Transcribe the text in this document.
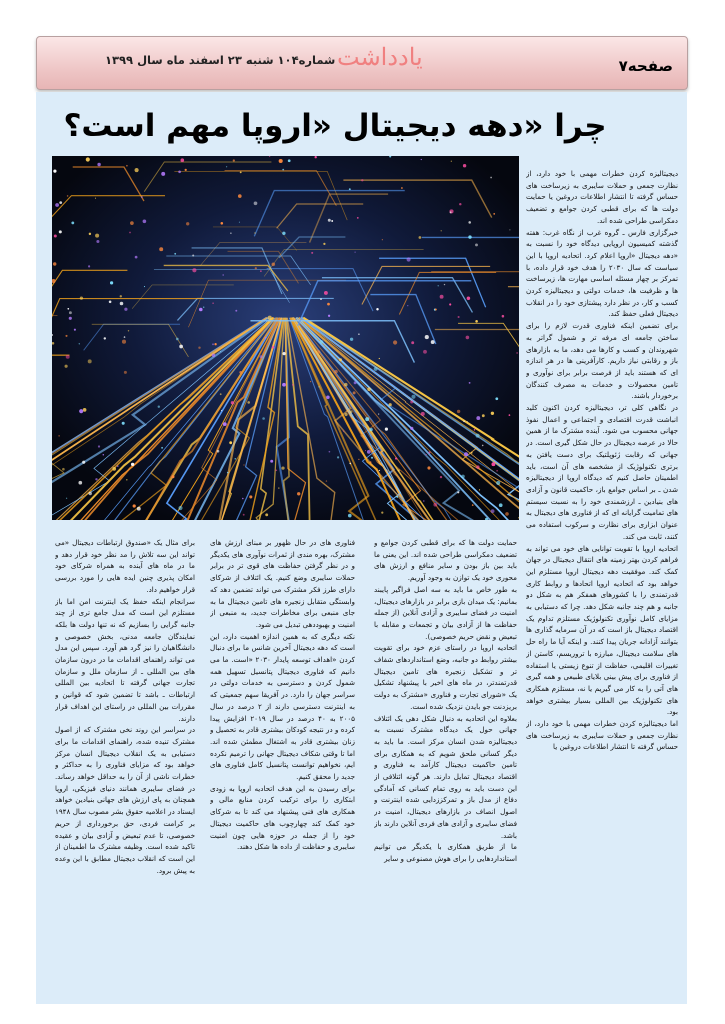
صفحه۷
یادداشت
شماره۱۰۴ شنبه ۲۳ اسفند ماه سال ۱۳۹۹
چرا «دهه دیجیتال «اروپا مهم است؟

دیجیتالیزه کردن خطرات مهمی با خود دارد، از نظارت جمعی و حملات سایبری به زیرساخت های حساس گرفته تا انتشار اطلاعات دروغین یا حمایت دولت ها که برای قطبی کردن جوامع و تضعیف دمکراسی طراحی شده اند.

خبرگزاری فارس ـ گروه غرب از نگاه غرب: هفته گذشته کمیسیون اروپایی دیدگاه خود را نسبت به «دهه دیجیتال «اروپا اعلام کرد. اتحادیه اروپا با این سیاست که سال ۲۰۳۰ را هدف خود قرار داده، با تمرکز بر چهار مسئله اساسی مهارت ها، زیرساخت ها و ظرفیت ها، خدمات دولتی و دیجیتالیزه کردن کسب و کار، در نظر دارد پیشتازی خود را در انقلاب دیجیتال فعلی حفظ کند.

برای تضمین اینکه فناوری قدرت لازم را برای ساختن جامعه ای مرفه تر و شمول گراتر به شهروندان و کسب و کارها می دهد، ما به بازارهای باز و رقابتی نیاز داریم. کارآفرینی ها در هر اندازه ای که هستند باید از فرصت برابر برای نوآوری و تامین محصولات و خدمات به مصرف کنندگان برخوردار باشند.

در نگاهی کلی تر، دیجیتالیزه کردن اکنون کلید انباشت قدرت اقتصادی و اجتماعی و اعمال نفوذ جهانی محسوب می شود. آینده مشترک ما از همین حالا در عرصه دیجیتال در حال شکل گیری است. در جهانی که رقابت ژئوپلتیک برای دست یافتن به برتری تکنولوژیک از مشخصه های آن است، باید اطمینان حاصل کنیم که دیدگاه اروپا از دیجیتالیزه شدن ـ بر اساس جوامع باز، حاکمیت قانون و آزادی های بنیادین ـ ارزشمندی خود را به نسبت سیستم های تمامیت گرایانه ای که از فناوری های دیجیتال به عنوان ابزاری برای نظارت و سرکوب استفاده می کنند، ثابت می کند.

اتحادیه اروپا با تقویت توانایی های خود می تواند به فراهم کردن بهتر زمینه های انتقال دیجیتال در جهان کمک کند. موفقیت دهه دیجیتال اروپا مستلزم این خواهد بود که اتحادیه اروپا اتحادها و روابط کاری قدرتمندی را با کشورهای همفکر هم به شکل دو جانبه و هم چند جانبه شکل دهد. چرا که دستیابی به مزایای کامل نوآوری تکنولوژیک مستلزم تداوم یک اقتصاد دیجیتال باز است که در آن سرمایه گذاری ها بتوانند آزادانه جریان پیدا کنند. و اینکه آیا ما راه حل های سلامت دیجیتال، مبارزه با تروریسم، کاستن از تغییرات اقلیمی، حفاظت از تنوع زیستی یا استفاده از فناوری برای پیش بینی بلایای طبیعی و همه گیری های آتی را به کار می گیریم یا نه، مستلزم همکاری های تکنولوژیک بین المللی بسیار بیشتری خواهد بود.

اما دیجیتالیزه کردن خطرات مهمی با خود دارد، از نظارت جمعی و حملات سایبری به زیرساخت های حساس گرفته تا انتشار اطلاعات دروغین یا

حمایت دولت ها که برای قطبی کردن جوامع و تضعیف دمکراسی طراحی شده اند. این یعنی ما باید بین باز بودن و سایر منافع و ارزش های محوری خود یک توازن به وجود آوریم.

به طور خاص ما باید به سه اصل فراگیر پایبند بمانیم: یک میدان بازی برابر در بازارهای دیجیتال، امنیت در فضای سایبری و آزادی آنلاین (از جمله حفاظت ها از آزادی بیان و تجمعات و مقابله با تبعیض و نقض حریم خصوصی).

اتحادیه اروپا در راستای عزم خود برای تقویت بیشتر روابط دو جانبه، وضع استانداردهای شفاف تر و تشکیل زنجیره های تامین دیجیتال قدرتمندتر، در ماه های اخیر با پیشنهاد تشکیل یک «شورای تجارت و فناوری «مشترک به دولت بریزدنت جو بایدن نزدیک شده است.

بعلاوه این اتحادیه به دنبال شکل دهی یک ائتلاف جهانی حول یک دیدگاه مشترک نسبت به دیجیتالیزه شدن انسان مرکز است. ما باید به دیگر کسانی ملحق شویم که به همکاری برای تامین حاکمیت دیجیتال کارآمد به فناوری و اقتصاد دیجیتال تمایل دارند. هر گونه ائتلافی از این دست باید به روی تمام کسانی که آمادگی دفاع از مدل باز و تمرکززدایی شده اینترنت و اصول انصاف در بازارهای دیجیتال، امنیت در فضای سایبری و آزادی های فردی آنلاین دارند باز باشد.

ما از طریق همکاری با یکدیگر می توانیم استانداردهایی را برای هوش مصنوعی و سایر

فناوری های در حال ظهور بر مبنای ارزش های مشترک، بهره مندی از ثمرات نوآوری های یکدیگر و در نظر گرفتن حفاظت های قوی تر در برابر حملات سایبری وضع کنیم. یک ائتلاف از شرکای دارای طرز فکر مشترک می تواند تضمین دهد که وابستگی متقابل زنجیره های تامین دیجیتال ما به جای منبعی برای مخاطرات جدید، به منبعی از امنیت و بهبوددهی تبدیل می شود.

نکته دیگری که به همین اندازه اهمیت دارد، این است که دهه دیجیتال آخرین شانس ما برای دنبال کردن «اهداف توسعه پایدار ۲۰۳۰ «است. ما می دانیم که فناوری دیجیتال پتانسیل تسهیل همه شمول کردن و دسترسی به خدمات دولتی در سراسر جهان را دارد. در آفریقا سهم جمعیتی که به اینترنت دسترسی دارند از ۲ درصد در سال ۲۰۰۵ به ۴۰ درصد در سال ۲۰۱۹ افزایش پیدا کرده و در نتیجه کودکان بیشتری قادر به تحصیل و زنان بیشتری قادر به اشتغال مطمئن شده اند. اما تا وقتی شکاف دیجیتال جهانی را ترمیم نکرده ایم، نخواهیم توانست پتانسیل کامل فناوری های جدید را محقق کنیم.

برای رسیدن به این هدف اتحادیه اروپا به زودی ابتکاری را برای ترکیب کردن منابع مالی و همکاری های فنی پیشنهاد می کند تا به شرکای خود کمک کند چهارچوب های حاکمیت دیجیتال خود را از جمله در حوزه هایی چون امنیت سایبری و حفاظت از داده ها شکل دهند.

برای مثال یک «صندوق ارتباطات دیجیتال «می تواند این سه تلاش را مد نظر خود قرار دهد و ما در ماه های آینده به همراه شرکای خود امکان پذیری چنین ایده هایی را مورد بررسی قرار خواهیم داد.

سرانجام اینکه حفظ یک اینترنت امن اما باز مستلزم این است که مدل جامع تری از چند جانبه گرایی را بسازیم که نه تنها دولت ها بلکه نمایندگان جامعه مدنی، بخش خصوصی و دانشگاهیان را نیز گرد هم آورد. سپس این مدل می تواند راهنمای اقدامات ما در درون سازمان های بین المللی ـ از سازمان ملل و سازمان تجارت جهانی گرفته تا اتحادیه بین المللی ارتباطات ـ باشد تا تضمین شود که قوانین و مقررات بین المللی در راستای این اهداف قرار دارند.

در سراسر این روند نخی مشترک که از اصول مشترک تنیده شده، راهنمای اقدامات ما برای دستیابی به یک انقلاب دیجیتال انسان مرکز خواهد بود که مزایای فناوری را به حداکثر و خطرات ناشی از آن را به حداقل خواهد رساند. در فضای سایبری همانند دنیای فیزیکی، اروپا همچنان به پای ارزش های جهانی بنیادین خواهد ایستاد در اعلامیه حقوق بشر مصوب سال ۱۹۴۸ بر کرامت فردی، حق برخورداری از حریم خصوصی، تا عدم تبعیض و آزادی بیان و عقیده تاکید شده است. وظیفه مشترک ما اطمینان از این است که انقلاب دیجیتال مطابق با این وعده به پیش برود.
